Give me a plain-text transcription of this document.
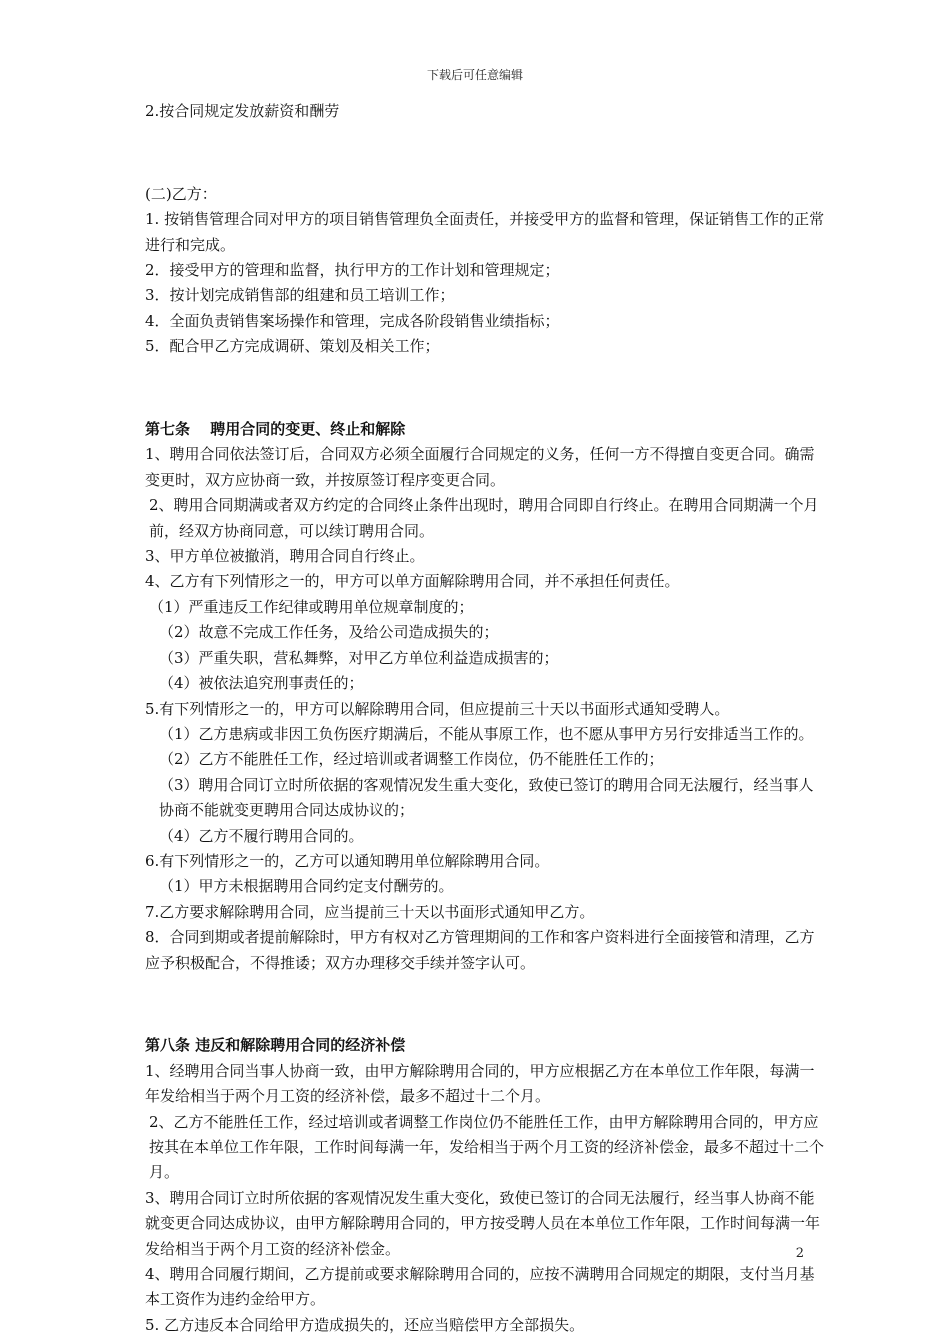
下载后可任意编辑

2.按合同规定发放薪资和酬劳

(二)乙方：

1. 按销售管理合同对甲方的项目销售管理负全面责任，并接受甲方的监督和管理，保证销售工作的正常进行和完成。

2．接受甲方的管理和监督，执行甲方的工作计划和管理规定；

3．按计划完成销售部的组建和员工培训工作；

4．全面负责销售案场操作和管理，完成各阶段销售业绩指标；

5．配合甲乙方完成调研、策划及相关工作；

第七条　 聘用合同的变更、终止和解除

1、聘用合同依法签订后，合同双方必须全面履行合同规定的义务，任何一方不得擅自变更合同。确需变更时，双方应协商一致，并按原签订程序变更合同。

2、聘用合同期满或者双方约定的合同终止条件出现时，聘用合同即自行终止。在聘用合同期满一个月前，经双方协商同意，可以续订聘用合同。

3、甲方单位被撤消，聘用合同自行终止。

4、乙方有下列情形之一的，甲方可以单方面解除聘用合同，并不承担任何责任。

（1）严重违反工作纪律或聘用单位规章制度的；

（2）故意不完成工作任务，及给公司造成损失的；

（3）严重失职，营私舞弊，对甲乙方单位利益造成损害的；

（4）被依法追究刑事责任的；

5.有下列情形之一的，甲方可以解除聘用合同，但应提前三十天以书面形式通知受聘人。

（1）乙方患病或非因工负伤医疗期满后，不能从事原工作，也不愿从事甲方另行安排适当工作的。

（2）乙方不能胜任工作，经过培训或者调整工作岗位，仍不能胜任工作的；

（3）聘用合同订立时所依据的客观情况发生重大变化，致使已签订的聘用合同无法履行，经当事人协商不能就变更聘用合同达成协议的；

（4）乙方不履行聘用合同的。

6.有下列情形之一的，乙方可以通知聘用单位解除聘用合同。

（1）甲方未根据聘用合同约定支付酬劳的。

7.乙方要求解除聘用合同，应当提前三十天以书面形式通知甲乙方。

8．合同到期或者提前解除时，甲方有权对乙方管理期间的工作和客户资料进行全面接管和清理，乙方应予积极配合，不得推诿；双方办理移交手续并签字认可。

第八条 违反和解除聘用合同的经济补偿

1、经聘用合同当事人协商一致，由甲方解除聘用合同的，甲方应根据乙方在本单位工作年限，每满一年发给相当于两个月工资的经济补偿，最多不超过十二个月。

2、乙方不能胜任工作，经过培训或者调整工作岗位仍不能胜任工作，由甲方解除聘用合同的，甲方应按其在本单位工作年限，工作时间每满一年，发给相当于两个月工资的经济补偿金，最多不超过十二个月。

3、聘用合同订立时所依据的客观情况发生重大变化，致使已签订的合同无法履行，经当事人协商不能就变更合同达成协议，由甲方解除聘用合同的，甲方按受聘人员在本单位工作年限，工作时间每满一年发给相当于两个月工资的经济补偿金。

4、聘用合同履行期间，乙方提前或要求解除聘用合同的，应按不满聘用合同规定的期限，支付当月基本工资作为违约金给甲方。

5. 乙方违反本合同给甲方造成损失的，还应当赔偿甲方全部损失。

2
